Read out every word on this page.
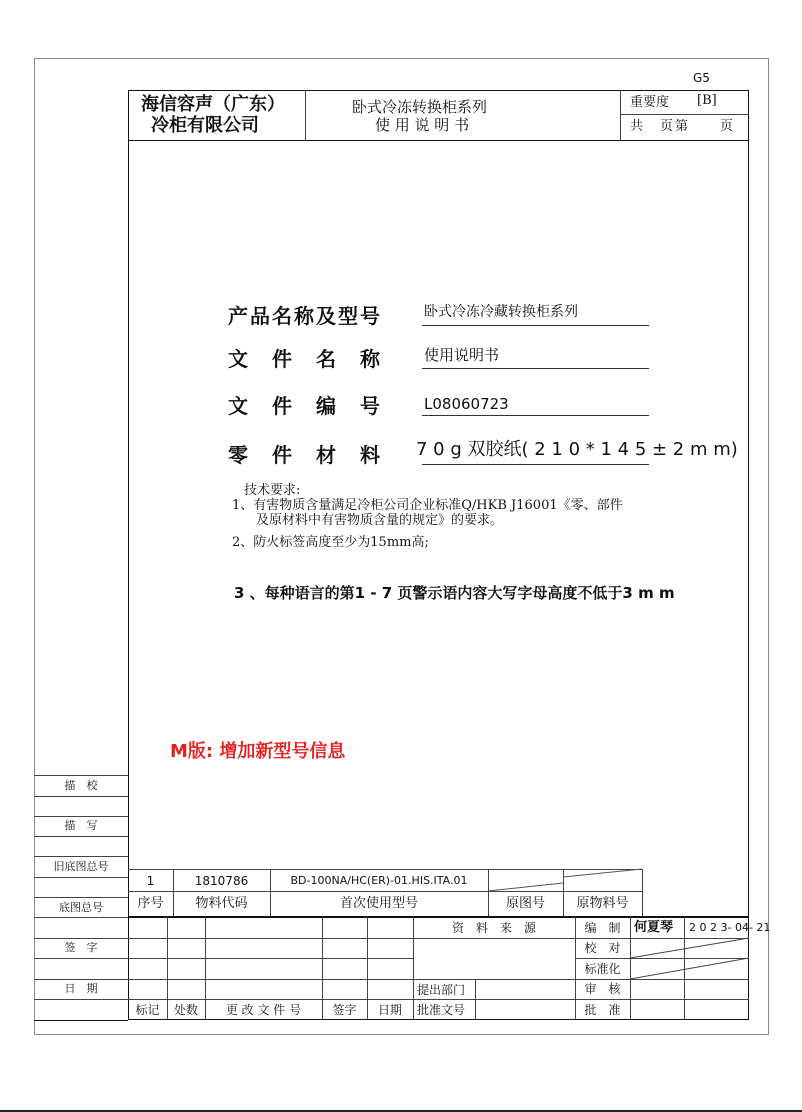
G5
海信容声（广东）
冷柜有限公司
卧式冷冻转换柜系列
使 用 说 明 书
重要度 [B]
共　页第　　页
产品名称及型号	卧式冷冻冷藏转换柜系列
文　件　名　称	使用说明书
文　件　编　号	L08060723
零　件　材　料 7 0 g 双胶纸( 2 1 0 * 1 4 5 ± 2 m m)
技术要求:
1、有害物质含量满足冷柜公司企业标准Q/HKB J16001《零、部件
及原材料中有害物质含量的规定》的要求。
2、防火标签高度至少为15mm高;
3 、每种语言的第1 - 7 页警示语内容大写字母高度不低于3 m m
M版: 增加新型号信息
描　校
描　写
旧底图总号
底图总号
签　字
日　期
1	1810786	BD-100NA/HC(ER)-01.HIS.ITA.01
序号	物料代码	首次使用型号	原图号	原物料号
标记	处数	更 改 文 件 号	签字	日期
资　料　来　源
提出部门
批准文号
编　制	何夏琴 2 0 2 3- 04- 21
校　对
标准化
审　核
批　准
